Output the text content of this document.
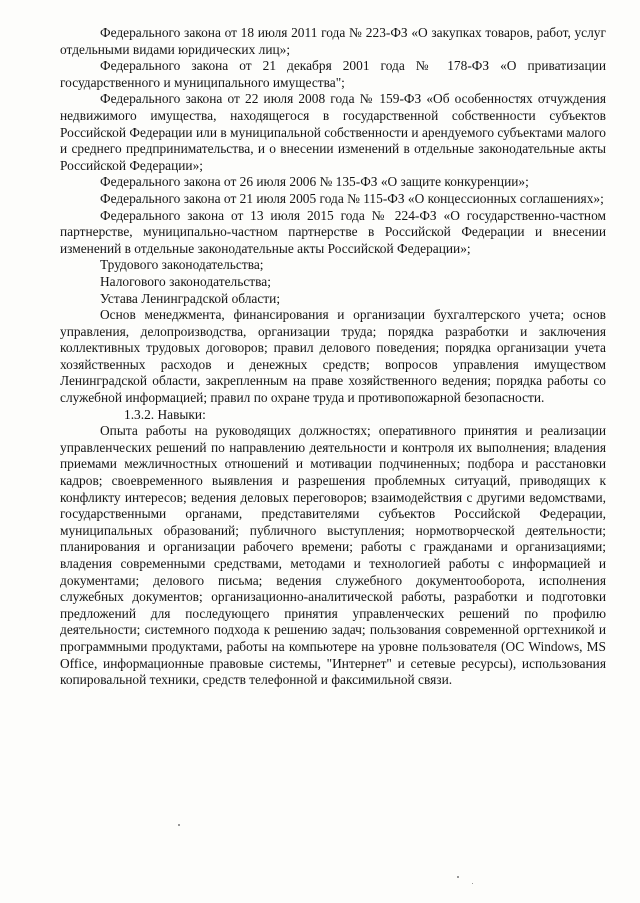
Федерального закона от 18 июля 2011 года № 223-ФЗ «О закупках товаров, работ, услуг отдельными видами юридических лиц»;

Федерального закона от 21 декабря 2001 года № 178-ФЗ «О приватизации государственного и муниципального имущества";

Федерального закона от 22 июля 2008 года № 159-ФЗ «Об особенностях отчуждения недвижимого имущества, находящегося в государственной собственности субъектов Российской Федерации или в муниципальной собственности и арендуемого субъектами малого и среднего предпринимательства, и о внесении изменений в отдельные законодательные акты Российской Федерации»;

Федерального закона от 26 июля 2006 № 135-ФЗ «О защите конкуренции»;

Федерального закона от 21 июля 2005 года № 115-ФЗ «О концессионных соглашениях»;

Федерального закона от 13 июля 2015 года № 224-ФЗ «О государственно-частном партнерстве, муниципально-частном партнерстве в Российской Федерации и внесении изменений в отдельные законодательные акты Российской Федерации»;

Трудового законодательства;

Налогового законодательства;

Устава Ленинградской области;

Основ менеджмента, финансирования и организации бухгалтерского учета; основ управления, делопроизводства, организации труда; порядка разработки и заключения коллективных трудовых договоров; правил делового поведения; порядка организации учета хозяйственных расходов и денежных средств; вопросов управления имуществом Ленинградской области, закрепленным на праве хозяйственного ведения; порядка работы со служебной информацией; правил по охране труда и противопожарной безопасности.

1.3.2. Навыки:

Опыта работы на руководящих должностях; оперативного принятия и реализации управленческих решений по направлению деятельности и контроля их выполнения; владения приемами межличностных отношений и мотивации подчиненных; подбора и расстановки кадров; своевременного выявления и разрешения проблемных ситуаций, приводящих к конфликту интересов; ведения деловых переговоров; взаимодействия с другими ведомствами, государственными органами, представителями субъектов Российской Федерации, муниципальных образований; публичного выступления; нормотворческой деятельности; планирования и организации рабочего времени; работы с гражданами и организациями; владения современными средствами, методами и технологией работы с информацией и документами; делового письма; ведения служебного документооборота, исполнения служебных документов; организационно-аналитической работы, разработки и подготовки предложений для последующего принятия управленческих решений по профилю деятельности; системного подхода к решению задач; пользования современной оргтехникой и программными продуктами, работы на компьютере на уровне пользователя (ОС Windows, MS Office, информационные правовые системы, "Интернет" и сетевые ресурсы), использования копировальной техники, средств телефонной и факсимильной связи.
